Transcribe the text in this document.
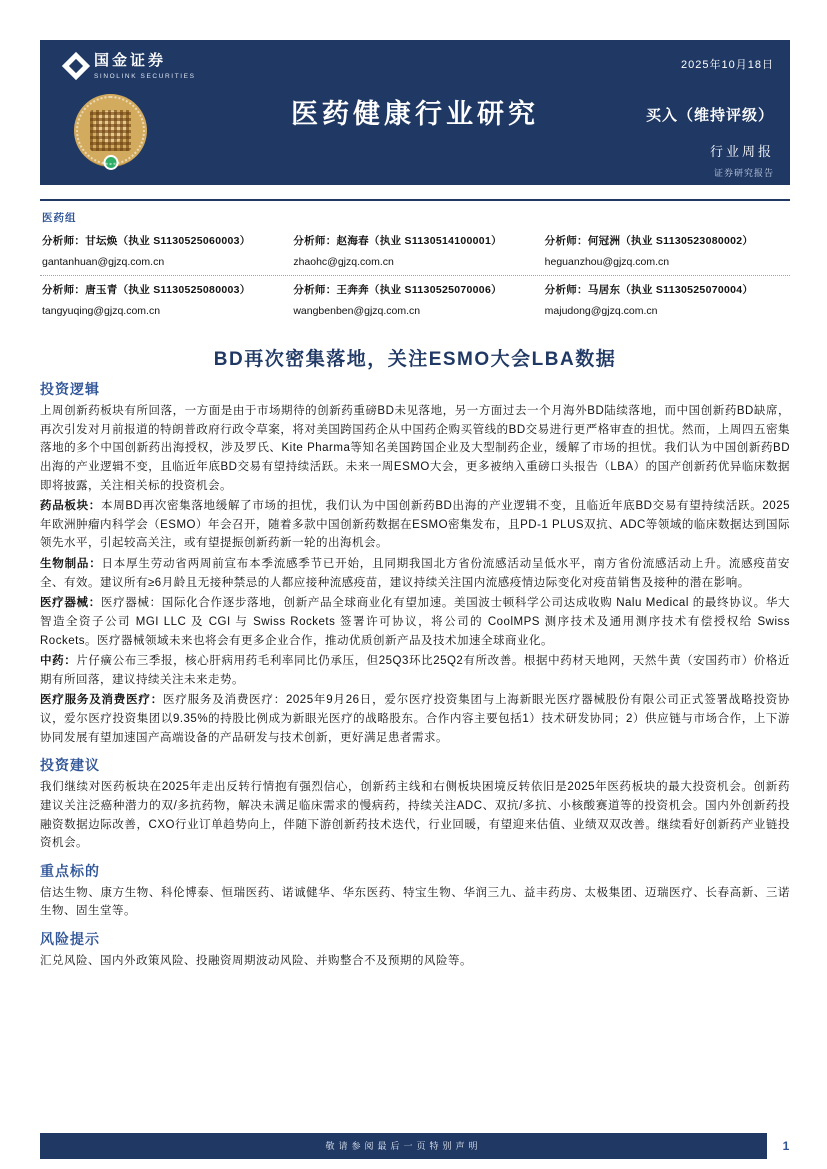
国金证券
SINOLINK SECURITIES
2025年10月18日
医药健康行业研究	买入（维持评级）
行业周报
证券研究报告
医药组
分析师：甘坛焕（执业 S1130525060003）
gantanhuan@gjzq.com.cn
分析师：赵海春（执业 S1130514100001）
zhaohc@gjzq.com.cn
分析师：何冠洲（执业 S1130523080002）
heguanzhou@gjzq.com.cn
分析师：唐玉青（执业 S1130525080003）
tangyuqing@gjzq.com.cn
分析师：王奔奔（执业 S1130525070006）
wangbenben@gjzq.com.cn
分析师：马居东（执业 S1130525070004）
majudong@gjzq.com.cn
BD再次密集落地，关注ESMO大会LBA数据
投资逻辑

上周创新药板块有所回落，一方面是由于市场期待的创新药重磅BD未见落地，另一方面过去一个月海外BD陆续落地，而中国创新药BD缺席，再次引发对月前报道的特朗普政府行政令草案，将对美国跨国药企从中国药企购买管线的BD交易进行更严格审查的担忧。然而，上周四五密集落地的多个中国创新药出海授权，涉及罗氏、Kite Pharma等知名美国跨国企业及大型制药企业，缓解了市场的担忧。我们认为中国创新药BD出海的产业逻辑不变，且临近年底BD交易有望持续活跃。未来一周ESMO大会，更多被纳入重磅口头报告（LBA）的国产创新药优异临床数据即将披露，关注相关标的投资机会。

药品板块：本周BD再次密集落地缓解了市场的担忧，我们认为中国创新药BD出海的产业逻辑不变，且临近年底BD交易有望持续活跃。2025年欧洲肿瘤内科学会（ESMO）年会召开，随着多款中国创新药数据在ESMO密集发布，且PD-1 PLUS双抗、ADC等领域的临床数据达到国际领先水平，引起较高关注，或有望提振创新药新一轮的出海机会。

生物制品：日本厚生劳动省两周前宣布本季流感季节已开始，且同期我国北方省份流感活动呈低水平，南方省份流感活动上升。流感疫苗安全、有效。建议所有≥6月龄且无接种禁忌的人都应接种流感疫苗，建议持续关注国内流感疫情边际变化对疫苗销售及接种的潜在影响。

医疗器械：医疗器械：国际化合作逐步落地，创新产品全球商业化有望加速。美国波士顿科学公司达成收购 Nalu Medical 的最终协议。华大智造全资子公司 MGI LLC 及 CGI 与 Swiss Rockets 签署许可协议，将公司的 CoolMPS 测序技术及通用测序技术有偿授权给 Swiss Rockets。医疗器械领域未来也将会有更多企业合作，推动优质创新产品及技术加速全球商业化。

中药：片仔癀公布三季报，核心肝病用药毛利率同比仍承压，但25Q3环比25Q2有所改善。根据中药材天地网，天然牛黄（安国药市）价格近期有所回落，建议持续关注未来走势。

医疗服务及消费医疗：医疗服务及消费医疗：2025年9月26日，爱尔医疗投资集团与上海新眼光医疗器械股份有限公司正式签署战略投资协议，爱尔医疗投资集团以9.35%的持股比例成为新眼光医疗的战略股东。合作内容主要包括1）技术研发协同；2）供应链与市场合作，上下游协同发展有望加速国产高端设备的产品研发与技术创新，更好满足患者需求。

投资建议

我们继续对医药板块在2025年走出反转行情抱有强烈信心，创新药主线和右侧板块困境反转依旧是2025年医药板块的最大投资机会。创新药建议关注泛癌种潜力的双/多抗药物，解决未满足临床需求的慢病药，持续关注ADC、双抗/多抗、小核酸赛道等的投资机会。国内外创新药投融资数据边际改善，CXO行业订单趋势向上，伴随下游创新药技术迭代，行业回暖，有望迎来估值、业绩双双改善。继续看好创新药产业链投资机会。

重点标的

信达生物、康方生物、科伦博泰、恒瑞医药、诺诚健华、华东医药、特宝生物、华润三九、益丰药房、太极集团、迈瑞医疗、长春高新、三诺生物、固生堂等。

风险提示

汇兑风险、国内外政策风险、投融资周期波动风险、并购整合不及预期的风险等。

敬请参阅最后一页特别声明	1
